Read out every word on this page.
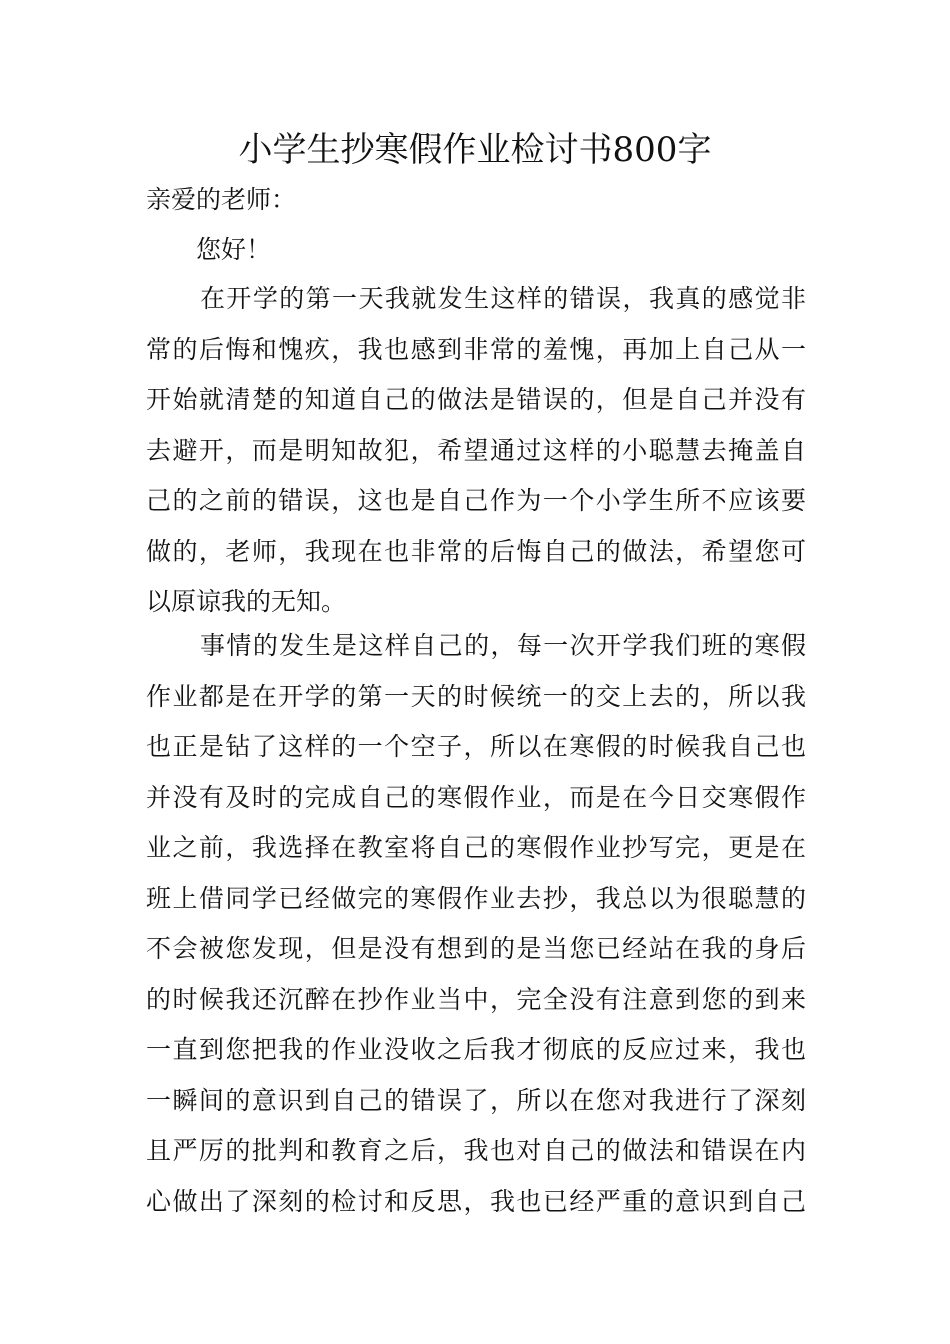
小学生抄寒假作业检讨书800字
亲爱的老师：
您好！
在开学的第一天我就发生这样的错误，我真的感觉非
常的后悔和愧疚，我也感到非常的羞愧，再加上自己从一
开始就清楚的知道自己的做法是错误的，但是自己并没有
去避开，而是明知故犯，希望通过这样的小聪慧去掩盖自
己的之前的错误，这也是自己作为一个小学生所不应该要
做的，老师，我现在也非常的后悔自己的做法，希望您可
以原谅我的无知。
事情的发生是这样自己的，每一次开学我们班的寒假
作业都是在开学的第一天的时候统一的交上去的，所以我
也正是钻了这样的一个空子，所以在寒假的时候我自己也
并没有及时的完成自己的寒假作业，而是在今日交寒假作
业之前，我选择在教室将自己的寒假作业抄写完，更是在
班上借同学已经做完的寒假作业去抄，我总以为很聪慧的
不会被您发现，但是没有想到的是当您已经站在我的身后
的时候我还沉醉在抄作业当中，完全没有注意到您的到来
一直到您把我的作业没收之后我才彻底的反应过来，我也
一瞬间的意识到自己的错误了，所以在您对我进行了深刻
且严厉的批判和教育之后，我也对自己的做法和错误在内
心做出了深刻的检讨和反思，我也已经严重的意识到自己
